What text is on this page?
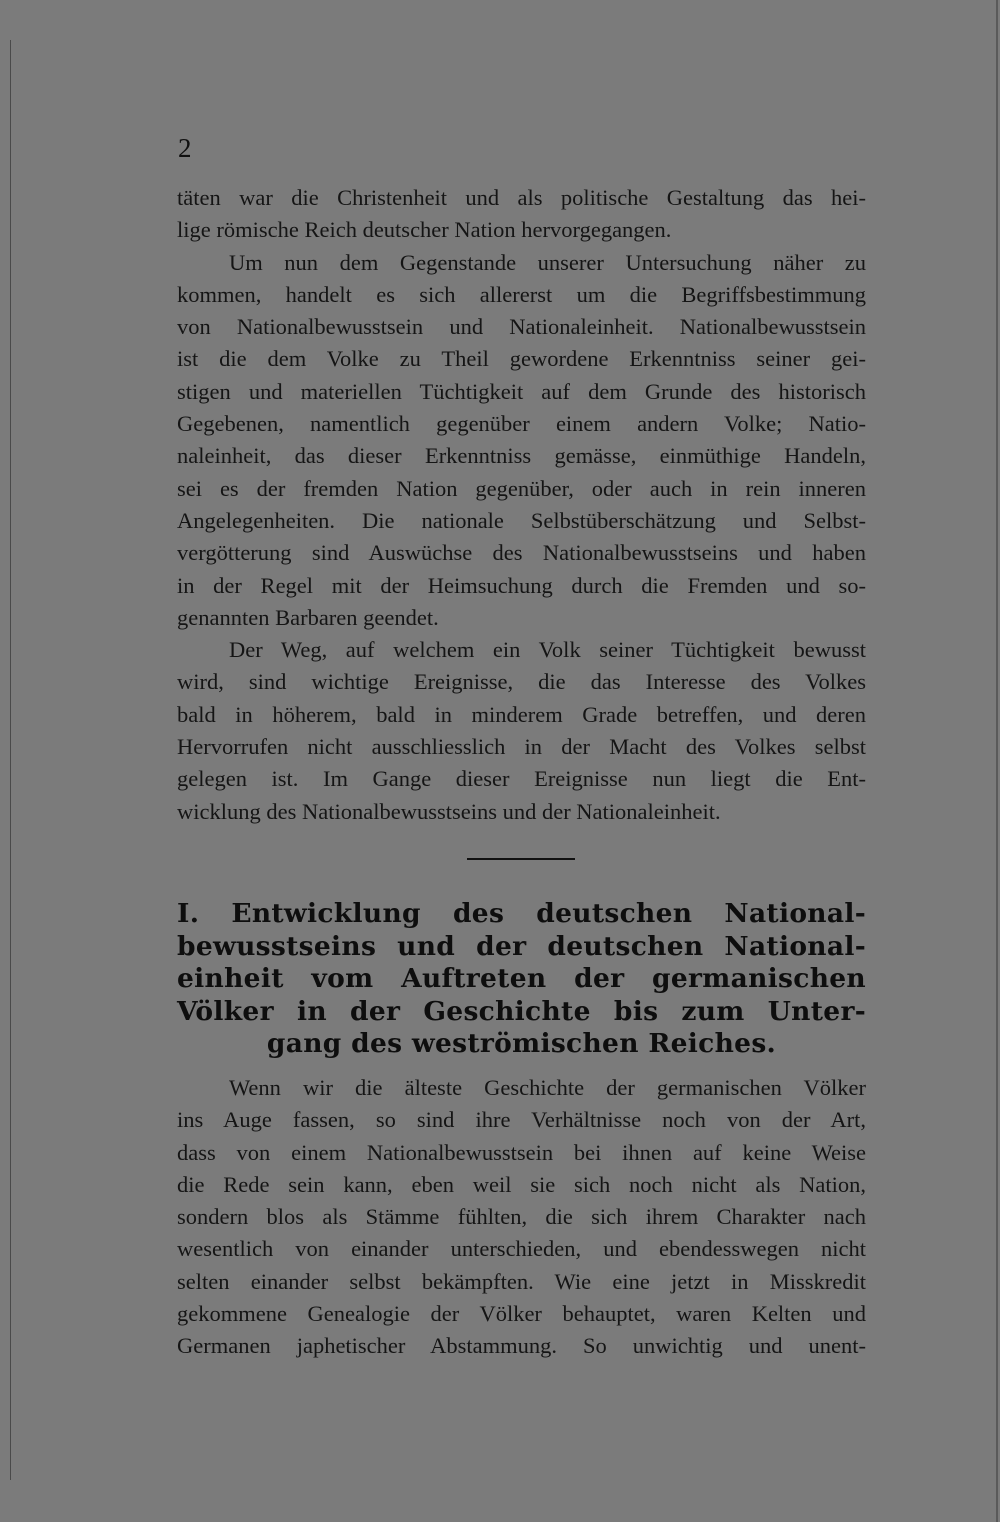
2
täten war die Christenheit und als politische Gestaltung das hei-
lige römische Reich deutscher Nation hervorgegangen.
Um nun dem Gegenstande unserer Untersuchung näher zu
kommen, handelt es sich allererst um die Begriffsbestimmung
von Nationalbewusstsein und Nationaleinheit. Nationalbewusstsein
ist die dem Volke zu Theil gewordene Erkenntniss seiner gei-
stigen und materiellen Tüchtigkeit auf dem Grunde des historisch
Gegebenen, namentlich gegenüber einem andern Volke; Natio-
naleinheit, das dieser Erkenntniss gemässe, einmüthige Handeln,
sei es der fremden Nation gegenüber, oder auch in rein inneren
Angelegenheiten. Die nationale Selbstüberschätzung und Selbst-
vergötterung sind Auswüchse des Nationalbewusstseins und haben
in der Regel mit der Heimsuchung durch die Fremden und so-
genannten Barbaren geendet.
Der Weg, auf welchem ein Volk seiner Tüchtigkeit bewusst
wird, sind wichtige Ereignisse, die das Interesse des Volkes
bald in höherem, bald in minderem Grade betreffen, und deren
Hervorrufen nicht ausschliesslich in der Macht des Volkes selbst
gelegen ist. Im Gange dieser Ereignisse nun liegt die Ent-
wicklung des Nationalbewusstseins und der Nationaleinheit.
I. Entwicklung des deutschen National-
bewusstseins und der deutschen National-
einheit vom Auftreten der germanischen
Völker in der Geschichte bis zum Unter-
gang des weströmischen Reiches.
Wenn wir die älteste Geschichte der germanischen Völker
ins Auge fassen, so sind ihre Verhältnisse noch von der Art,
dass von einem Nationalbewusstsein bei ihnen auf keine Weise
die Rede sein kann, eben weil sie sich noch nicht als Nation,
sondern blos als Stämme fühlten, die sich ihrem Charakter nach
wesentlich von einander unterschieden, und ebendesswegen nicht
selten einander selbst bekämpften. Wie eine jetzt in Misskredit
gekommene Genealogie der Völker behauptet, waren Kelten und
Germanen japhetischer Abstammung. So unwichtig und unent-
